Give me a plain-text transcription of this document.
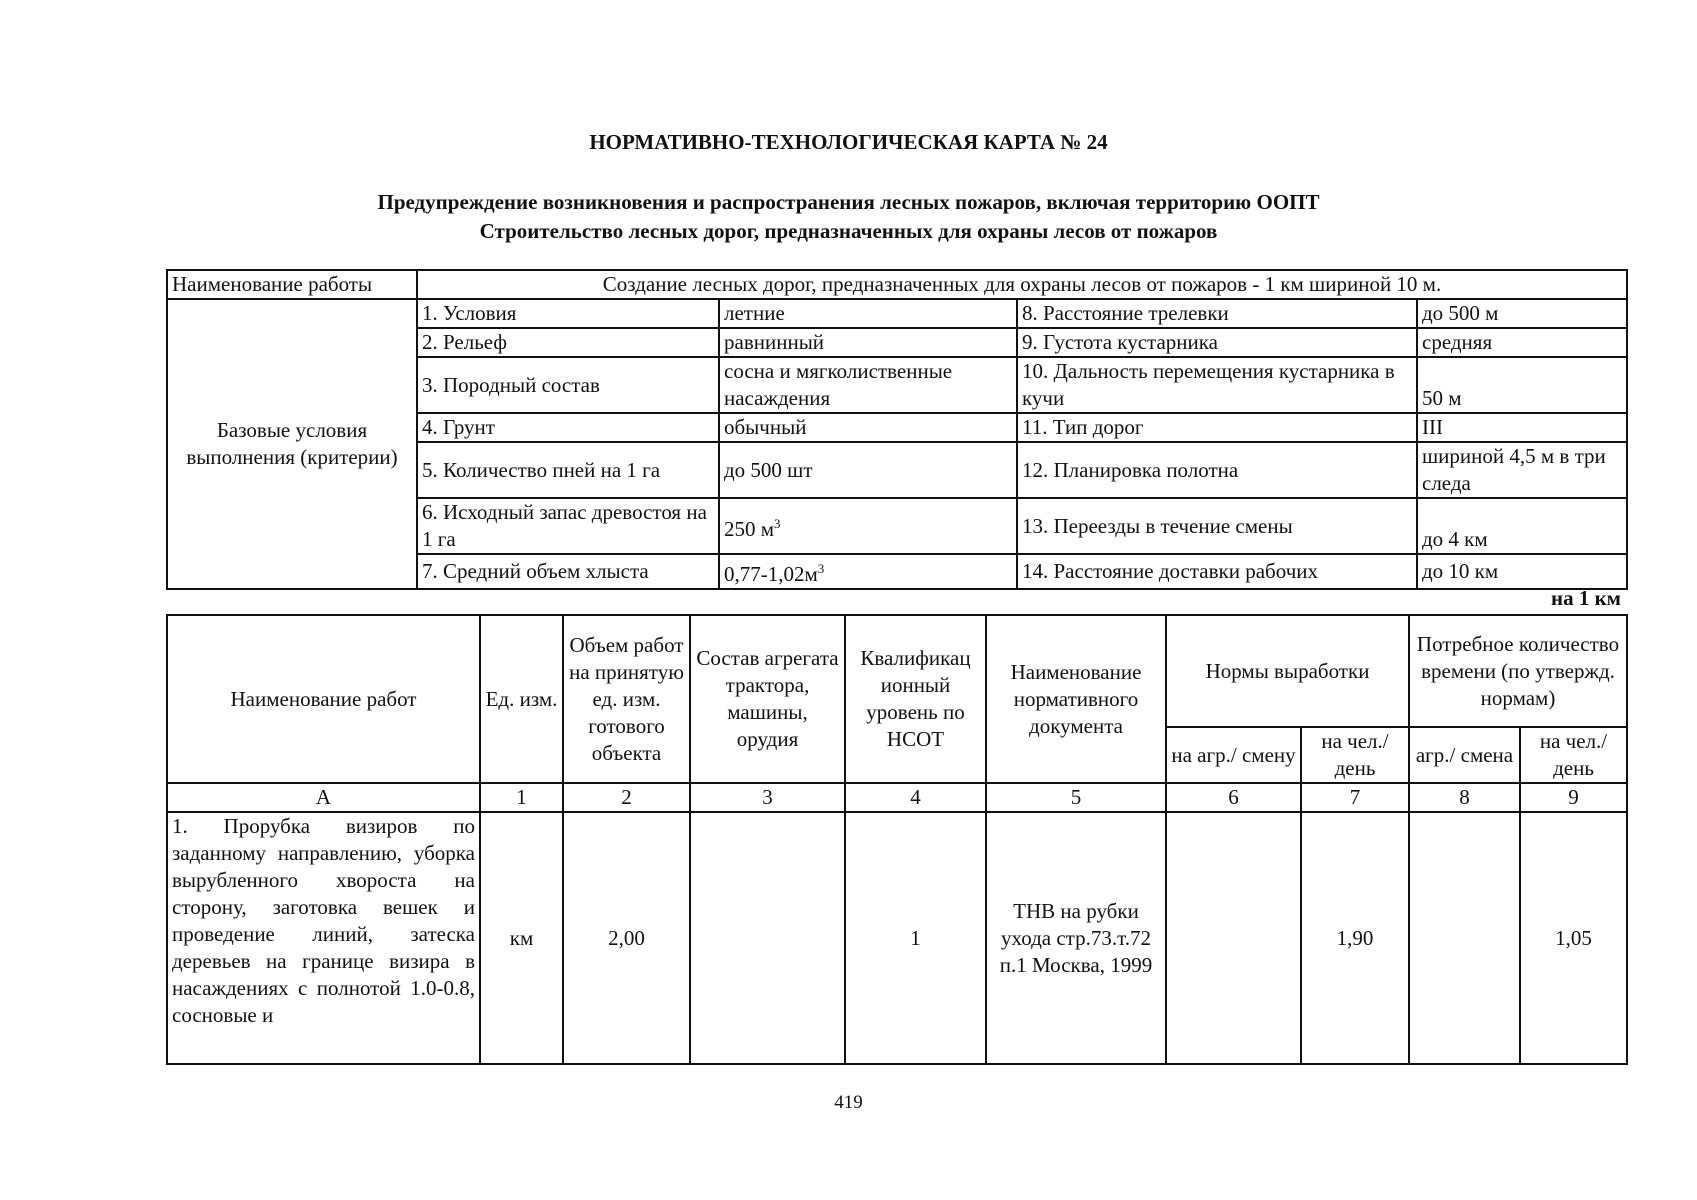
НОРМАТИВНО-ТЕХНОЛОГИЧЕСКАЯ КАРТА № 24
Предупреждение возникновения и распространения лесных пожаров, включая территорию ООПТ
Строительство лесных дорог, предназначенных для охраны лесов от пожаров
Наименование работы	Создание лесных дорог, предназначенных для охраны лесов от пожаров - 1 км шириной 10 м.			
Базовые условия выполнения (критерии)	1. Условия	летние	8. Расстояние трелевки	до 500 м
	2. Рельеф	равнинный	9. Густота кустарника	средняя
	3. Породный состав	сосна и мягколиственные насаждения	10. Дальность перемещения кустарника в кучи	50 м
	4. Грунт	обычный	11. Тип дорог	III
	5. Количество пней на 1 га	до 500 шт	12. Планировка полотна	шириной 4,5 м в три следа
	6. Исходный запас древостоя на 1 га	250 $м^3$	13. Переезды в течение смены	до 4 км
	7. Средний объем хлыста	$0,77-1,02м^3$	14. Расстояние доставки рабочих	до 10 км
на 1 км
Наименование работ	Ед. изм.	Объем работ на принятую ед. изм. готового объекта	Состав агрегата трактора, машины, орудия	Квалификац ионный уровень по НСОТ	Наименование нормативного документа	Нормы выработки		Потребное количество времени (по утвержд. нормам)	
						на агр./ смену	на чел./ день	агр./ смена	на чел./ день
А	1	2	3	4	5	6	7	8	9
1. Прорубка визиров по заданному направлению, уборка вырубленного хвороста на сторону, заготовка вешек и проведение линий, затеска деревьев на границе визира в насаждениях с полнотой 1.0-0.8, сосновые и	км	2,00		1	ТНВ на рубки ухода стр.73.т.72 п.1 Москва, 1999		1,90		1,05
419
